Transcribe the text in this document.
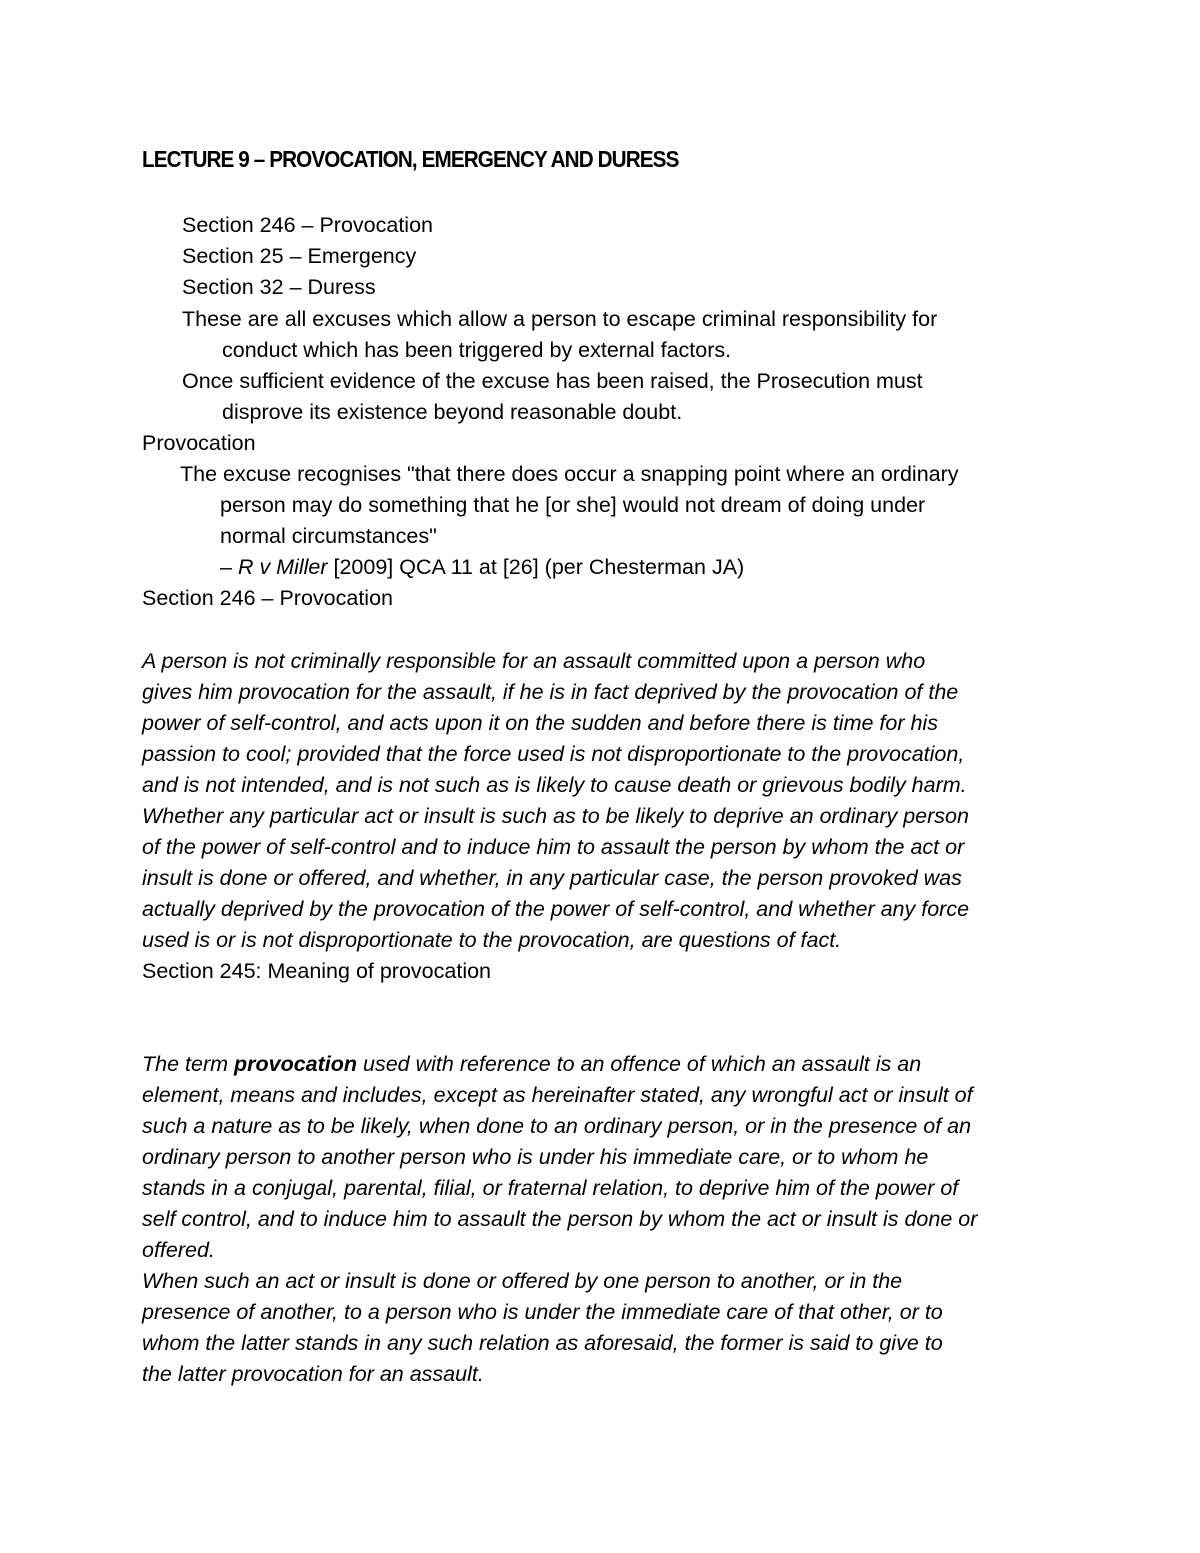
LECTURE 9 – PROVOCATION, EMERGENCY AND DURESS
Section 246 – Provocation
Section 25 – Emergency
Section 32 – Duress
These are all excuses which allow a person to escape criminal responsibility for
conduct which has been triggered by external factors.
Once sufficient evidence of the excuse has been raised, the Prosecution must
disprove its existence beyond reasonable doubt.
Provocation
The excuse recognises "that there does occur a snapping point where an ordinary
person may do something that he [or she] would not dream of doing under
normal circumstances"
– R v Miller [2009] QCA 11 at [26] (per Chesterman JA)
Section 246 – Provocation
A person is not criminally responsible for an assault committed upon a person who
gives him provocation for the assault, if he is in fact deprived by the provocation of the
power of self-control, and acts upon it on the sudden and before there is time for his
passion to cool; provided that the force used is not disproportionate to the provocation,
and is not intended, and is not such as is likely to cause death or grievous bodily harm.
Whether any particular act or insult is such as to be likely to deprive an ordinary person
of the power of self-control and to induce him to assault the person by whom the act or
insult is done or offered, and whether, in any particular case, the person provoked was
actually deprived by the provocation of the power of self-control, and whether any force
used is or is not disproportionate to the provocation, are questions of fact.
Section 245: Meaning of provocation
The term provocation used with reference to an offence of which an assault is an
element, means and includes, except as hereinafter stated, any wrongful act or insult of
such a nature as to be likely, when done to an ordinary person, or in the presence of an
ordinary person to another person who is under his immediate care, or to whom he
stands in a conjugal, parental, filial, or fraternal relation, to deprive him of the power of
self control, and to induce him to assault the person by whom the act or insult is done or
offered.
When such an act or insult is done or offered by one person to another, or in the
presence of another, to a person who is under the immediate care of that other, or to
whom the latter stands in any such relation as aforesaid, the former is said to give to
the latter provocation for an assault.
